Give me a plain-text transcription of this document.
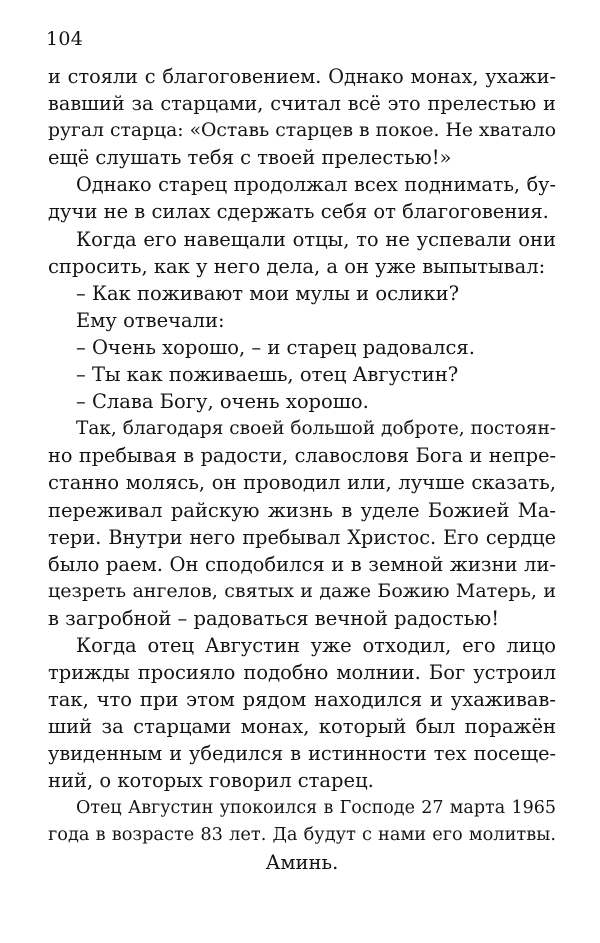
104
и стояли с благоговением. Однако монах, ухажи-
вавший за старцами, считал всё это прелестью и
ругал старца: «Оставь старцев в покое. Не хватало
ещё слушать тебя с твоей прелестью!»
Однако старец продолжал всех поднимать, бу-
дучи не в силах сдержать себя от благоговения.
Когда его навещали отцы, то не успевали они
спросить, как у него дела, а он уже выпытывал:
– Как поживают мои мулы и ослики?
Ему отвечали:
– Очень хорошо, – и старец радовался.
– Ты как поживаешь, отец Августин?
– Слава Богу, очень хорошо.
Так, благодаря своей большой доброте, постоян-
но пребывая в радости, славословя Бога и непре-
станно молясь, он проводил или, лучше сказать,
переживал райскую жизнь в уделе Божией Ма-
тери. Внутри него пребывал Христос. Его сердце
было раем. Он сподобился и в земной жизни ли-
цезреть ангелов, святых и даже Божию Матерь, и
в загробной – радоваться вечной радостью!
Когда отец Августин уже отходил, его лицо
трижды просияло подобно молнии. Бог устроил
так, что при этом рядом находился и ухаживав-
ший за старцами монах, который был поражён
увиденным и убедился в истинности тех посеще-
ний, о которых говорил старец.
Отец Августин упокоился в Господе 27 марта 1965
года в возрасте 83 лет. Да будут с нами его молитвы.
Аминь.
